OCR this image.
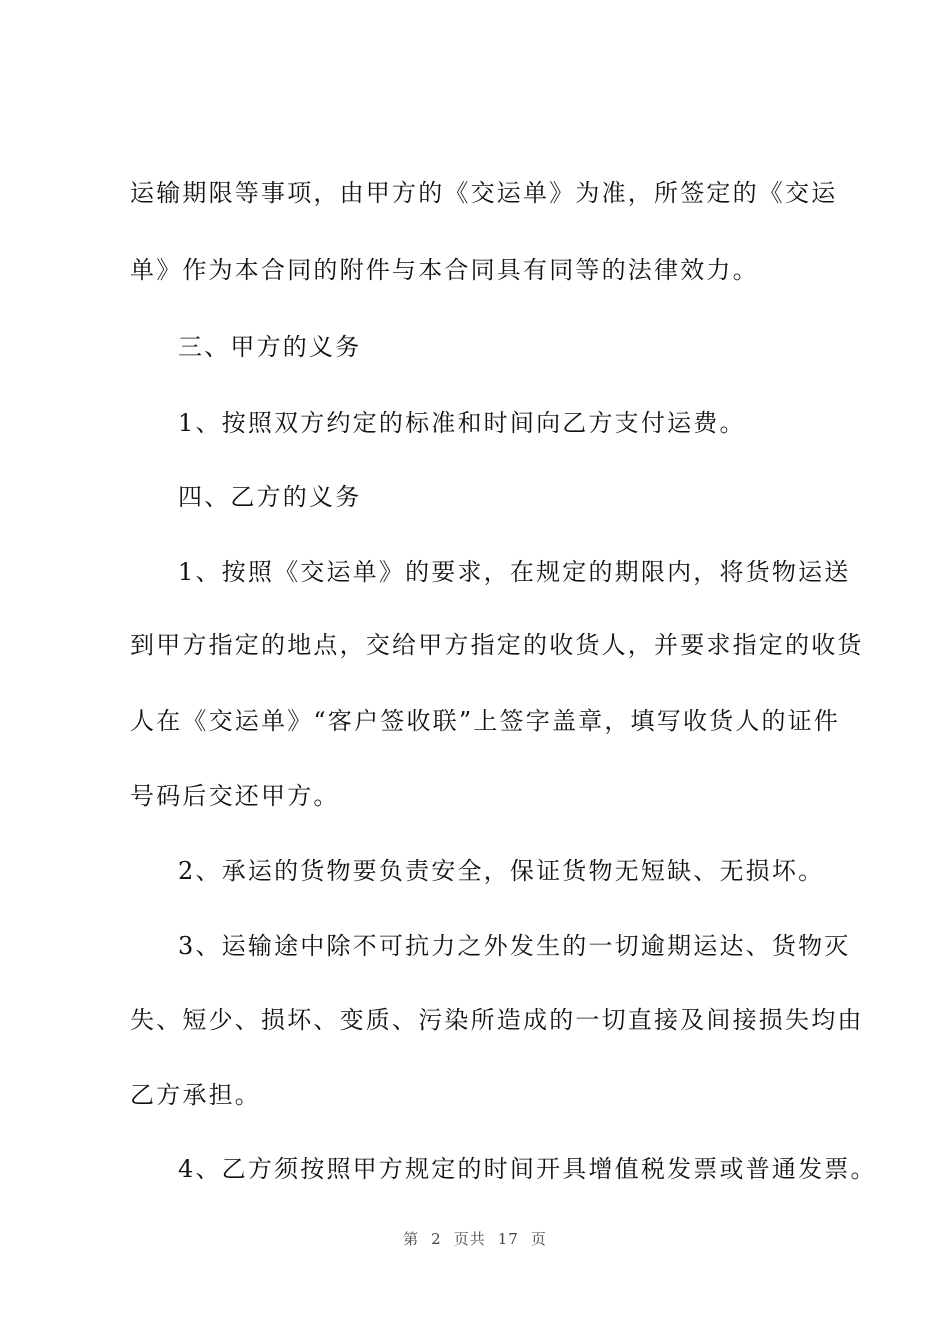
运输期限等事项，由甲方的《交运单》为准，所签定的《交运
单》作为本合同的附件与本合同具有同等的法律效力。
三、甲方的义务
1、按照双方约定的标准和时间向乙方支付运费。
四、乙方的义务
1、按照《交运单》的要求，在规定的期限内，将货物运送
到甲方指定的地点，交给甲方指定的收货人，并要求指定的收货
人在《交运单》“客户签收联”上签字盖章，填写收货人的证件
号码后交还甲方。
2、承运的货物要负责安全，保证货物无短缺、无损坏。
3、运输途中除不可抗力之外发生的一切逾期运达、货物灭
失、短少、损坏、变质、污染所造成的一切直接及间接损失均由
乙方承担。
4、乙方须按照甲方规定的时间开具增值税发票或普通发票。
第 2 页共 17 页
